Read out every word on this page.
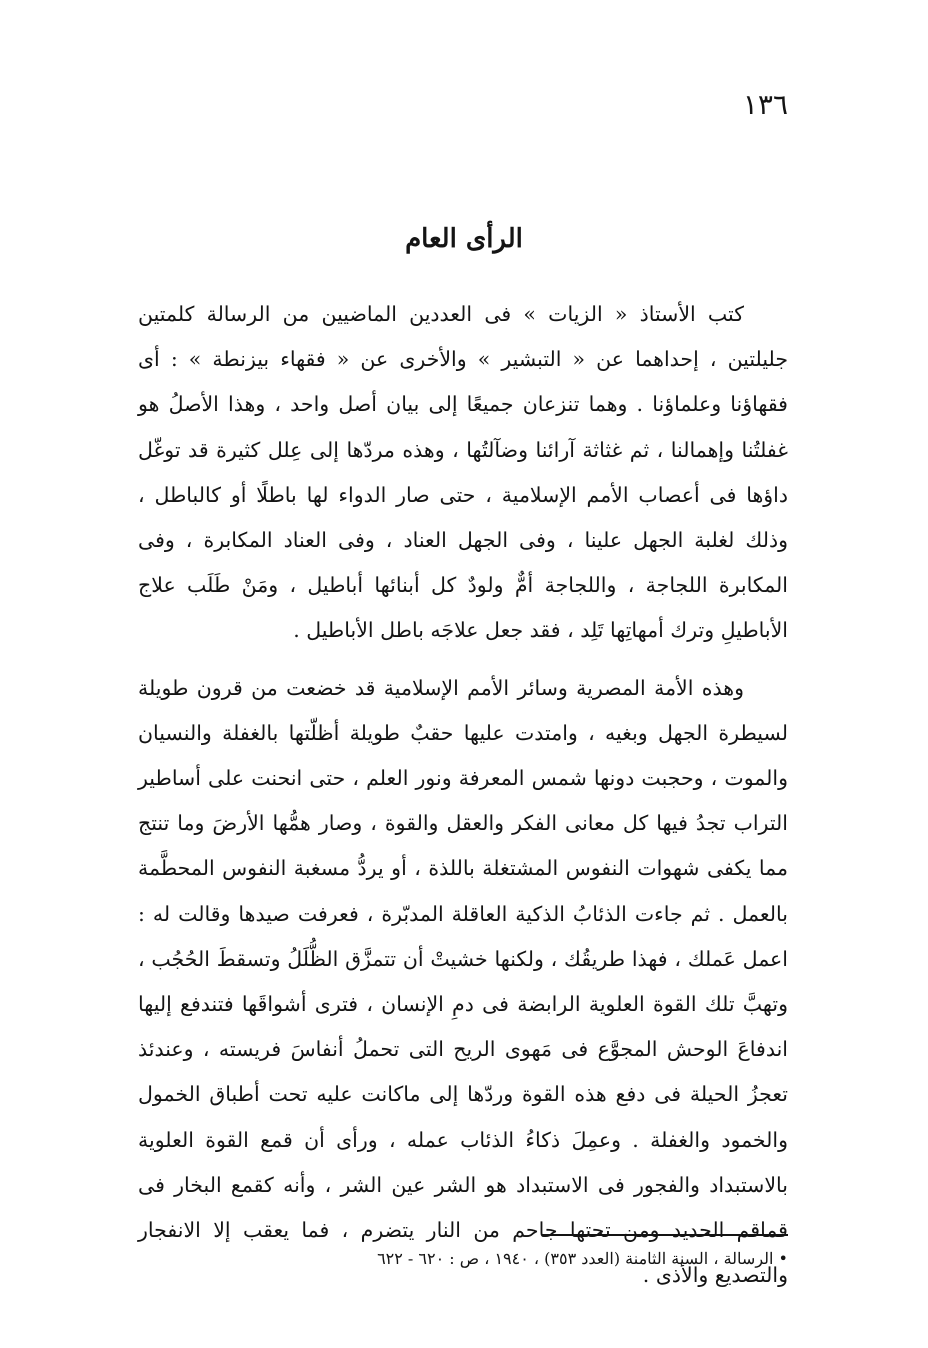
١٣٦
الرأى العام

كتب الأستاذ « الزيات » فى العددين الماضيين من الرسالة كلمتين جليلتين ، إحداهما عن « التبشير » والأخرى عن « فقهاء بيزنطة » : أى فقهاؤنا وعلماؤنا . وهما تنزعان جميعًا إلى بيان أصل واحد ، وهذا الأصلُ هو غفلتُنا وإهمالنا ، ثم غثاثة آرائنا وضآلتُها ، وهذه مردّها إلى عِلل كثيرة قد توغّل داؤها فى أعصاب الأمم الإسلامية ، حتى صار الدواء لها باطلًا أو كالباطل ، وذلك لغلبة الجهل علينا ، وفى الجهل العناد ، وفى العناد المكابرة ، وفى المكابرة اللجاجة ، واللجاجة أمٌّ ولودٌ كل أبنائها أباطيل ، ومَنْ طَلَب علاج الأباطيلِ وترك أمهاتِها تَلِد ، فقد جعل علاجَه باطل الأباطيل .

وهذه الأمة المصرية وسائر الأمم الإسلامية قد خضعت من قرون طويلة لسيطرة الجهل وبغيه ، وامتدت عليها حقبٌ طويلة أظلّتها بالغفلة والنسيان والموت ، وحجبت دونها شمس المعرفة ونور العلم ، حتى انحنت على أساطير التراب تجدُ فيها كل معانى الفكر والعقل والقوة ، وصار همُّها الأرضَ وما تنتج مما يكفى شهوات النفوس المشتغلة باللذة ، أو يردُّ مسغبة النفوس المحطَّمة بالعمل . ثم جاءت الذئابُ الذكية العاقلة المدبّرة ، فعرفت صيدها وقالت له : اعمل عَملك ، فهذا طريقُك ، ولكنها خشيتْ أن تتمزَّق الظُّلَلُ وتسقطَ الحُجُب ، وتهبَّ تلك القوة العلوية الرابضة فى دمِ الإنسان ، فترى أشواقَها فتندفع إليها اندفاعَ الوحش المجوَّع فى مَهوى الريح التى تحملُ أنفاسَ فريسته ، وعندئذ تعجزُ الحيلة فى دفع هذه القوة وردّها إلى ماكانت عليه تحت أطباق الخمول والخمود والغفلة . وعمِلَ ذكاءُ الذئاب عمله ، ورأى أن قمع القوة العلوية بالاستبداد والفجور فى الاستبداد هو الشر عين الشر ، وأنه كقمع البخار فى قماقم الحديد ومن تحتها جاحم من النار يتضرم ، فما يعقب إلا الانفجار والتصديع والأذى .

• الرسالة ، السنة الثامنة (العدد ٣٥٣) ، ١٩٤٠ ، ص : ٦٢٠ - ٦٢٢
